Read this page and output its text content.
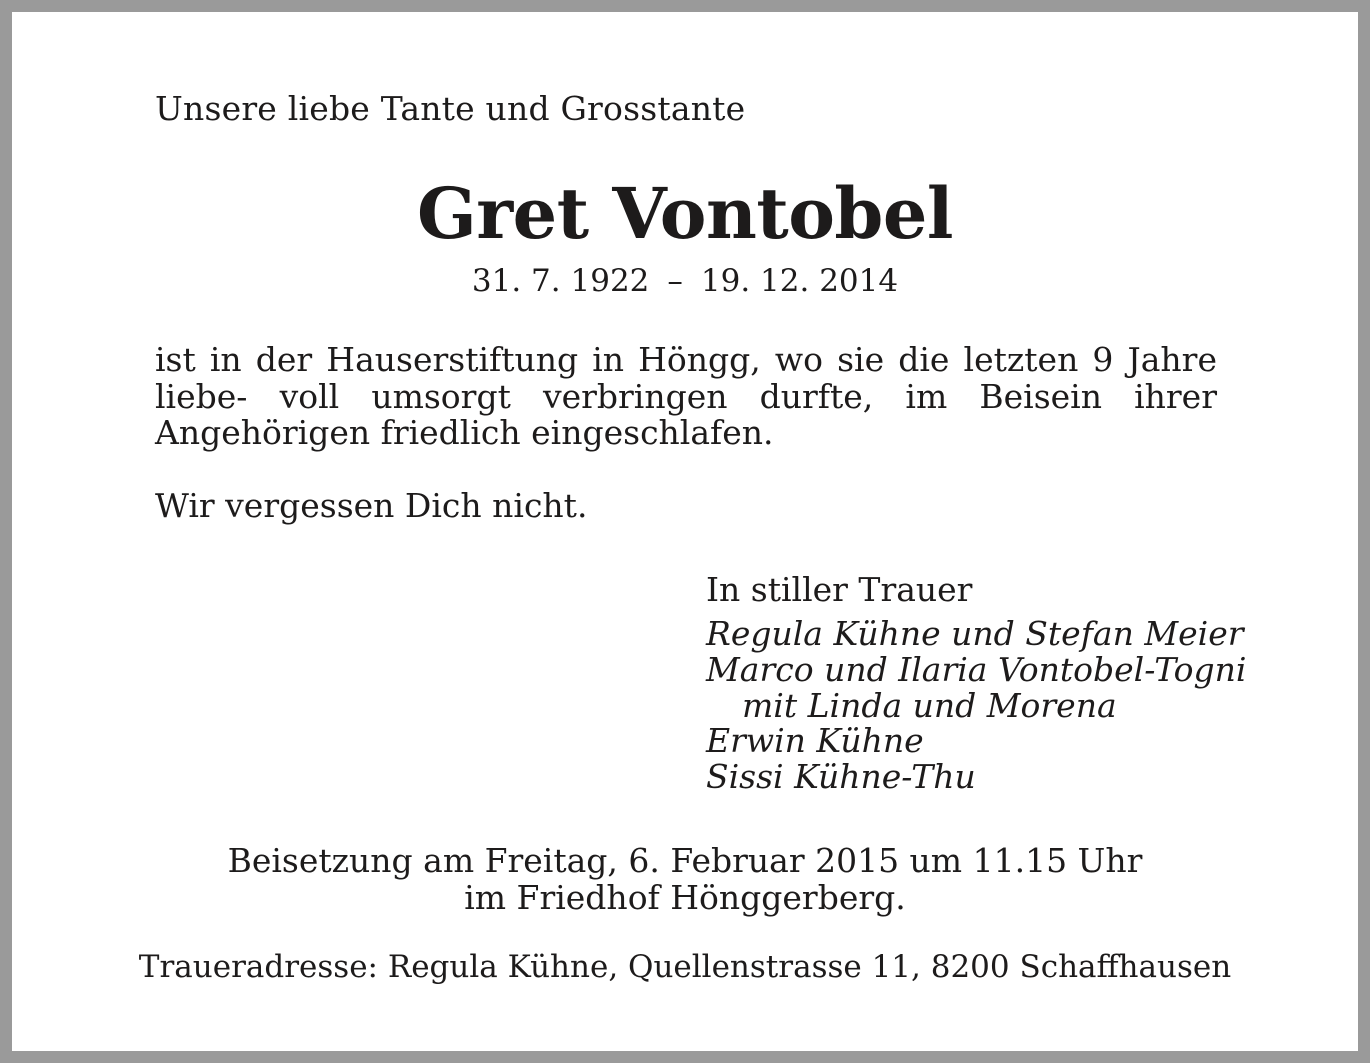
Unsere liebe Tante und Grosstante
Gret Vontobel
31. 7. 1922 – 19. 12. 2014
ist in der Hauserstiftung in Höngg, wo sie die letzten 9 Jahre liebe- voll umsorgt verbringen durfte, im Beisein ihrer Angehörigen friedlich eingeschlafen.
Wir vergessen Dich nicht.
In stiller Trauer
Regula Kühne und Stefan Meier
Marco und Ilaria Vontobel-Togni
mit Linda und Morena
Erwin Kühne
Sissi Kühne-Thu
Beisetzung am Freitag, 6. Februar 2015 um 11.15 Uhr
im Friedhof Hönggerberg.
Traueradresse: Regula Kühne, Quellenstrasse 11, 8200 Schaffhausen
